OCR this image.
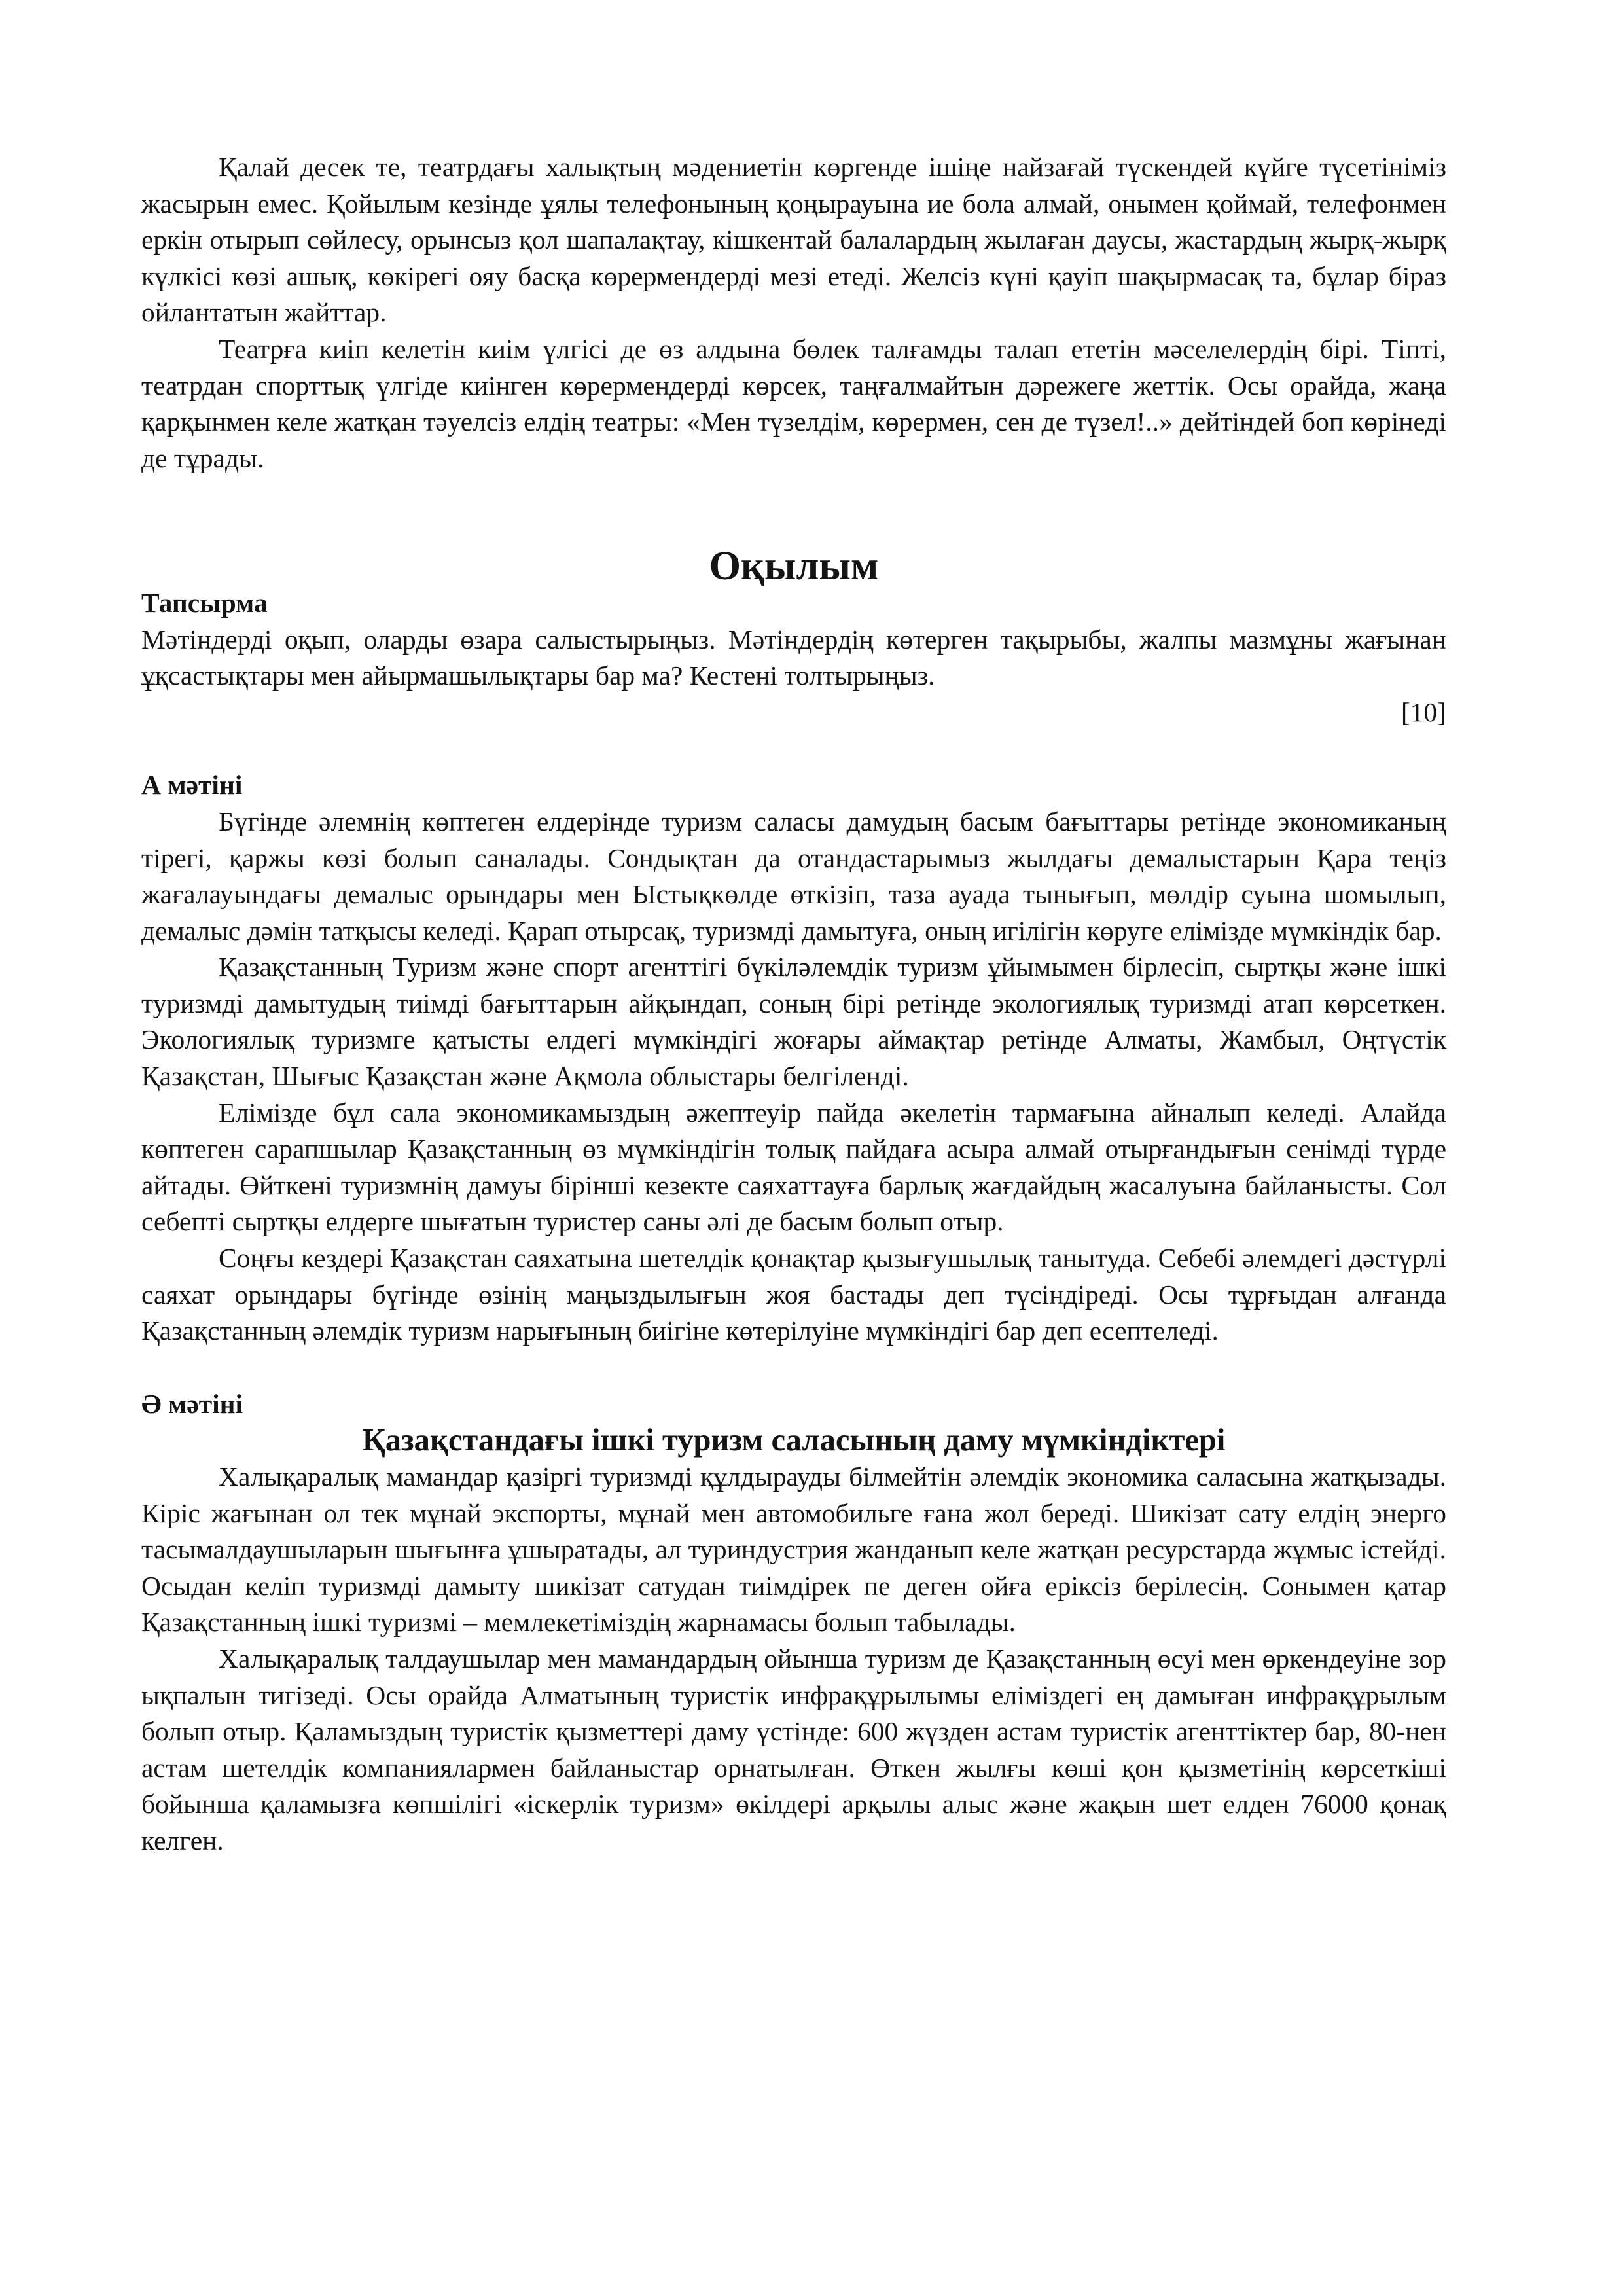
Қалай десек те, театрдағы халықтың мәдениетін көргенде ішіңе найзағай түскендей күйге түсетініміз жасырын емес. Қойылым кезінде ұялы телефонының қоңырауына ие бола алмай, онымен қоймай, телефонмен еркін отырып сөйлесу, орынсыз қол шапалақтау, кішкентай балалардың жылаған даусы, жастардың жырқ-жырқ күлкісі көзі ашық, көкірегі ояу басқа көрермендерді мезі етеді. Желсіз күні қауіп шақырмасақ та, бұлар біраз ойлантатын жайттар.

Театрға киіп келетін киім үлгісі де өз алдына бөлек талғамды талап ететін мәселелердің бірі. Тіпті, театрдан спорттық үлгіде киінген көрермендерді көрсек, таңғалмайтын дәрежеге жеттік. Осы орайда, жаңа қарқынмен келе жатқан тәуелсіз елдің театры: «Мен түзелдім, көрермен, сен де түзел!..» дейтіндей боп көрінеді де тұрады.

Оқылым
Тапсырма

Мәтіндерді оқып, оларды өзара салыстырыңыз. Мәтіндердің көтерген тақырыбы, жалпы мазмұны жағынан ұқсастықтары мен айырмашылықтары бар ма? Кестені толтырыңыз.

[10]
А мәтіні

Бүгінде әлемнің көптеген елдерінде туризм саласы дамудың басым бағыттары ретінде экономиканың тірегі, қаржы көзі болып саналады. Сондықтан да отандастарымыз жылдағы демалыстарын Қара теңіз жағалауындағы демалыс орындары мен Ыстықкөлде өткізіп, таза ауада тынығып, мөлдір суына шомылып, демалыс дәмін татқысы келеді. Қарап отырсақ, туризмді дамытуға, оның игілігін көруге елімізде мүмкіндік бар.

Қазақстанның Туризм және спорт агенттігі бүкіләлемдік туризм ұйымымен бірлесіп, сыртқы және ішкі туризмді дамытудың тиімді бағыттарын айқындап, соның бірі ретінде экологиялық туризмді атап көрсеткен. Экологиялық туризмге қатысты елдегі мүмкіндігі жоғары аймақтар ретінде Алматы, Жамбыл, Оңтүстік Қазақстан, Шығыс Қазақстан және Ақмола облыстары белгіленді.

Елімізде бұл сала экономикамыздың әжептеуір пайда әкелетін тармағына айналып келеді. Алайда көптеген сарапшылар Қазақстанның өз мүмкіндігін толық пайдаға асыра алмай отырғандығын сенімді түрде айтады. Өйткені туризмнің дамуы бірінші кезекте саяхаттауға барлық жағдайдың жасалуына байланысты. Сол себепті сыртқы елдерге шығатын туристер саны әлі де басым болып отыр.

Соңғы кездері Қазақстан саяхатына шетелдік қонақтар қызығушылық танытуда. Себебі әлемдегі дәстүрлі саяхат орындары бүгінде өзінің маңыздылығын жоя бастады деп түсіндіреді. Осы тұрғыдан алғанда Қазақстанның әлемдік туризм нарығының биігіне көтерілуіне мүмкіндігі бар деп есептеледі.

Ә мәтіні
Қазақстандағы ішкі туризм саласының даму мүмкіндіктері

Халықаралық мамандар қазіргі туризмді құлдырауды білмейтін әлемдік экономика саласына жатқызады. Кіріс жағынан ол тек мұнай экспорты, мұнай мен автомобильге ғана жол береді. Шикізат сату елдің энерго тасымалдаушыларын шығынға ұшыратады, ал туриндустрия жанданып келе жатқан ресурстарда жұмыс істейді. Осыдан келіп туризмді дамыту шикізат сатудан тиімдірек пе деген ойға еріксіз берілесің. Сонымен қатар Қазақстанның ішкі туризмі – мемлекетіміздің жарнамасы болып табылады.

Халықаралық талдаушылар мен мамандардың ойынша туризм де Қазақстанның өсуі мен өркендеуіне зор ықпалын тигізеді. Осы орайда Алматының туристік инфрақұрылымы еліміздегі ең дамыған инфрақұрылым болып отыр. Қаламыздың туристік қызметтері даму үстінде: 600 жүзден астам туристік агенттіктер бар, 80-нен астам шетелдік компаниялармен байланыстар орнатылған. Өткен жылғы көші қон қызметінің көрсеткіші бойынша қаламызға көпшілігі «іскерлік туризм» өкілдері арқылы алыс және жақын шет елден 76000 қонақ келген.
